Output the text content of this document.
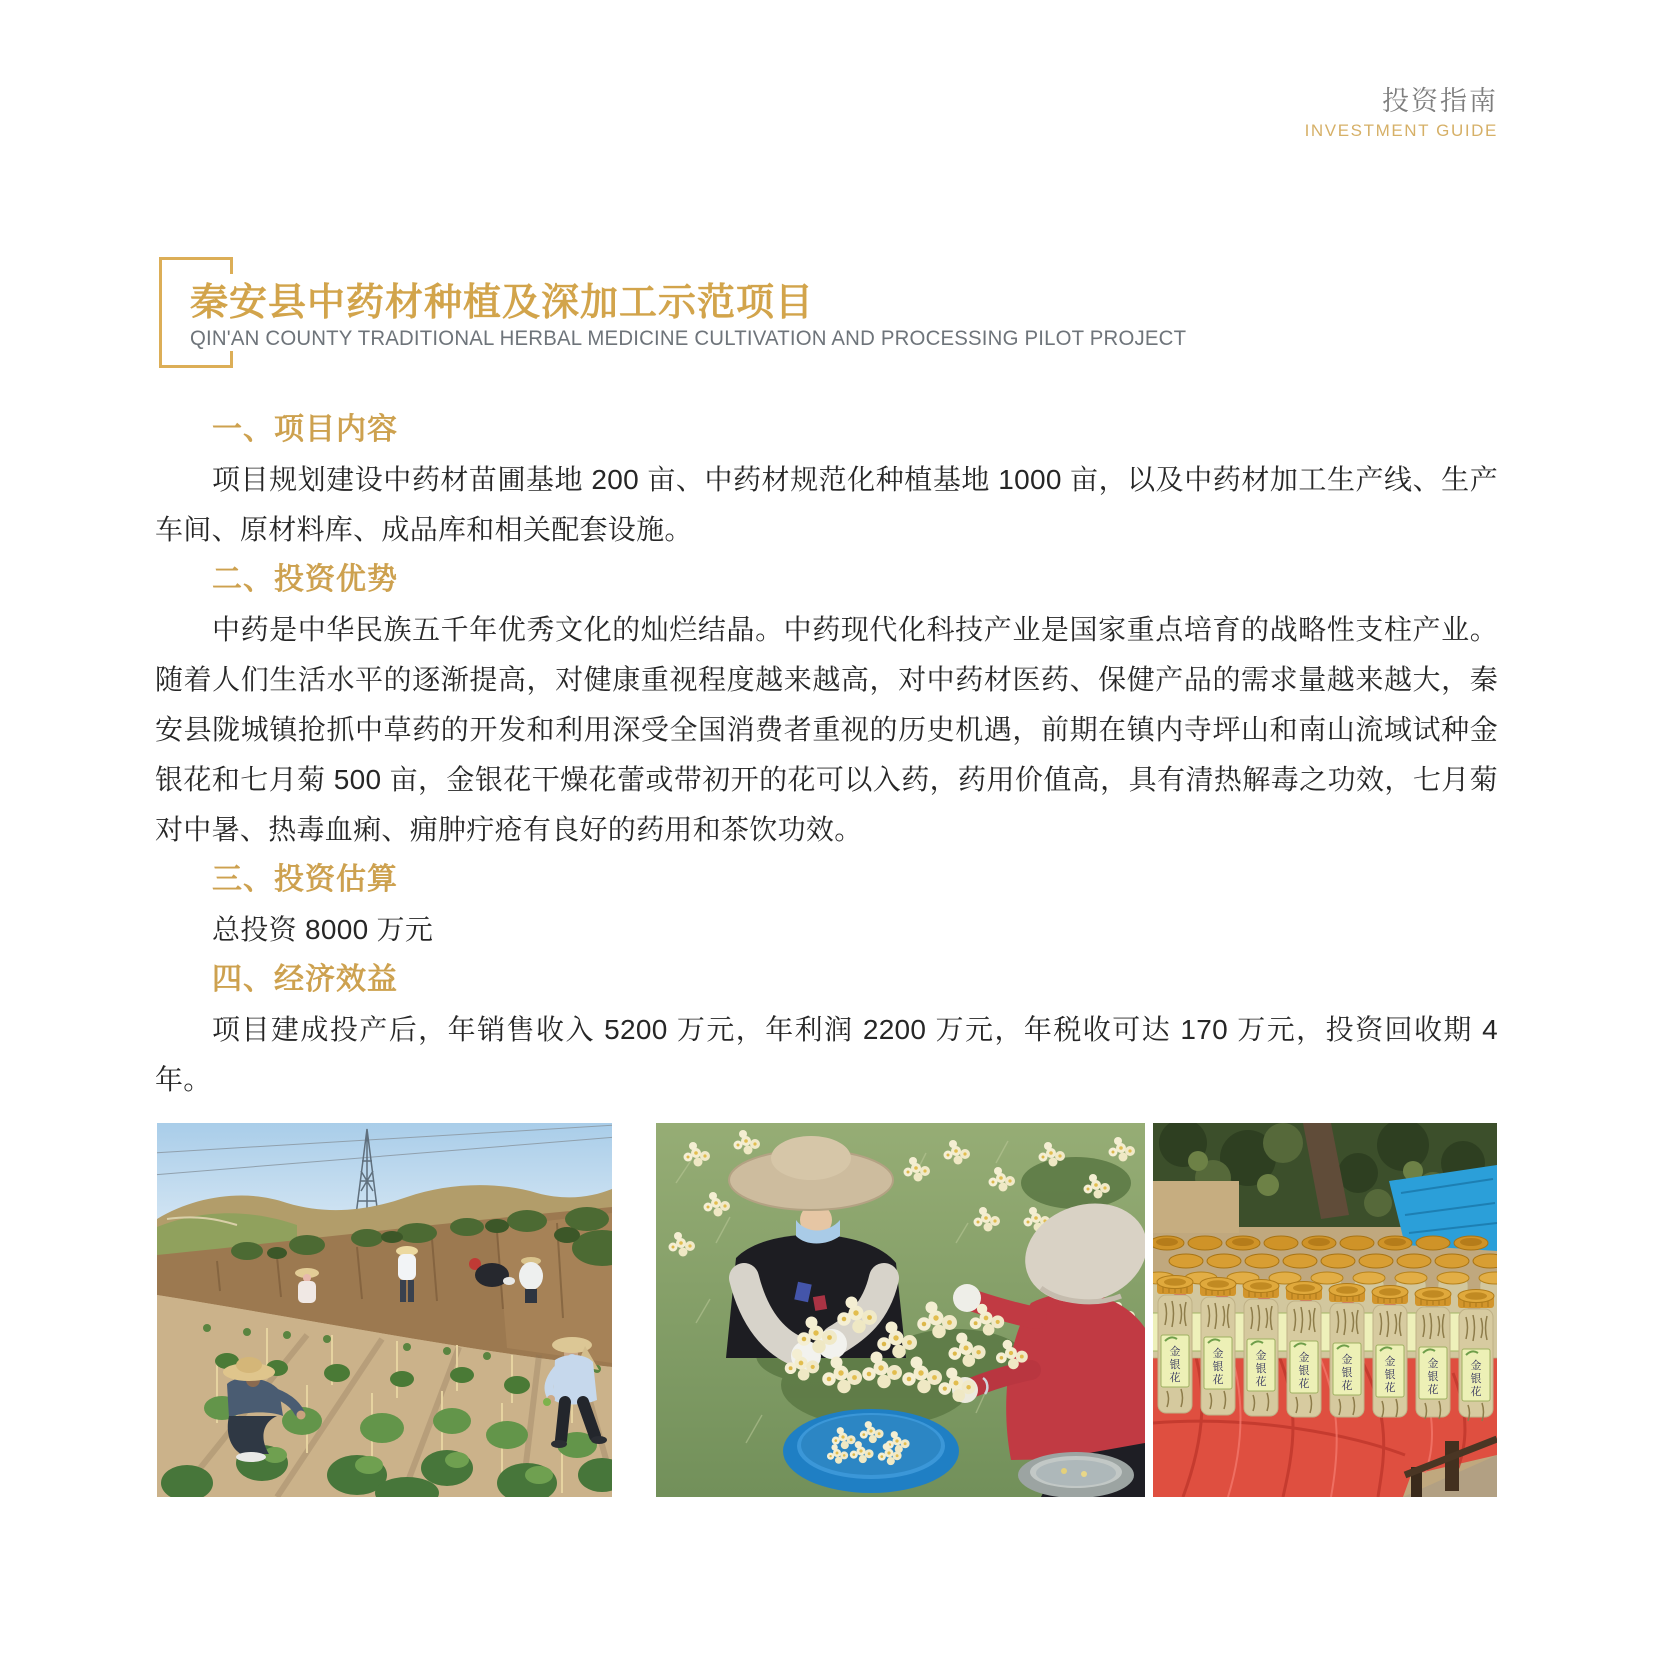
投资指南
INVESTMENT GUIDE
秦安县中药材种植及深加工示范项目
QIN'AN COUNTY TRADITIONAL HERBAL MEDICINE CULTIVATION AND PROCESSING PILOT PROJECT
一、项目内容

项目规划建设中药材苗圃基地 200 亩、中药材规范化种植基地 1000 亩，以及中药材加工生产线、生产车间、原材料库、成品库和相关配套设施。

二、投资优势

中药是中华民族五千年优秀文化的灿烂结晶。中药现代化科技产业是国家重点培育的战略性支柱产业。随着人们生活水平的逐渐提高，对健康重视程度越来越高，对中药材医药、保健产品的需求量越来越大，秦安县陇城镇抢抓中草药的开发和利用深受全国消费者重视的历史机遇，前期在镇内寺坪山和南山流域试种金银花和七月菊 500 亩，金银花干燥花蕾或带初开的花可以入药，药用价值高，具有清热解毒之功效，七月菊对中暑、热毒血痢、痈肿疔疮有良好的药用和茶饮功效。

三、投资估算

总投资 8000 万元

四、经济效益

项目建成投产后，年销售收入 5200 万元，年利润 2200 万元，年税收可达 170 万元，投资回收期 4 年。

金银花
金银花
金银花
金银花
金银花
金银花
金银花
金银花
